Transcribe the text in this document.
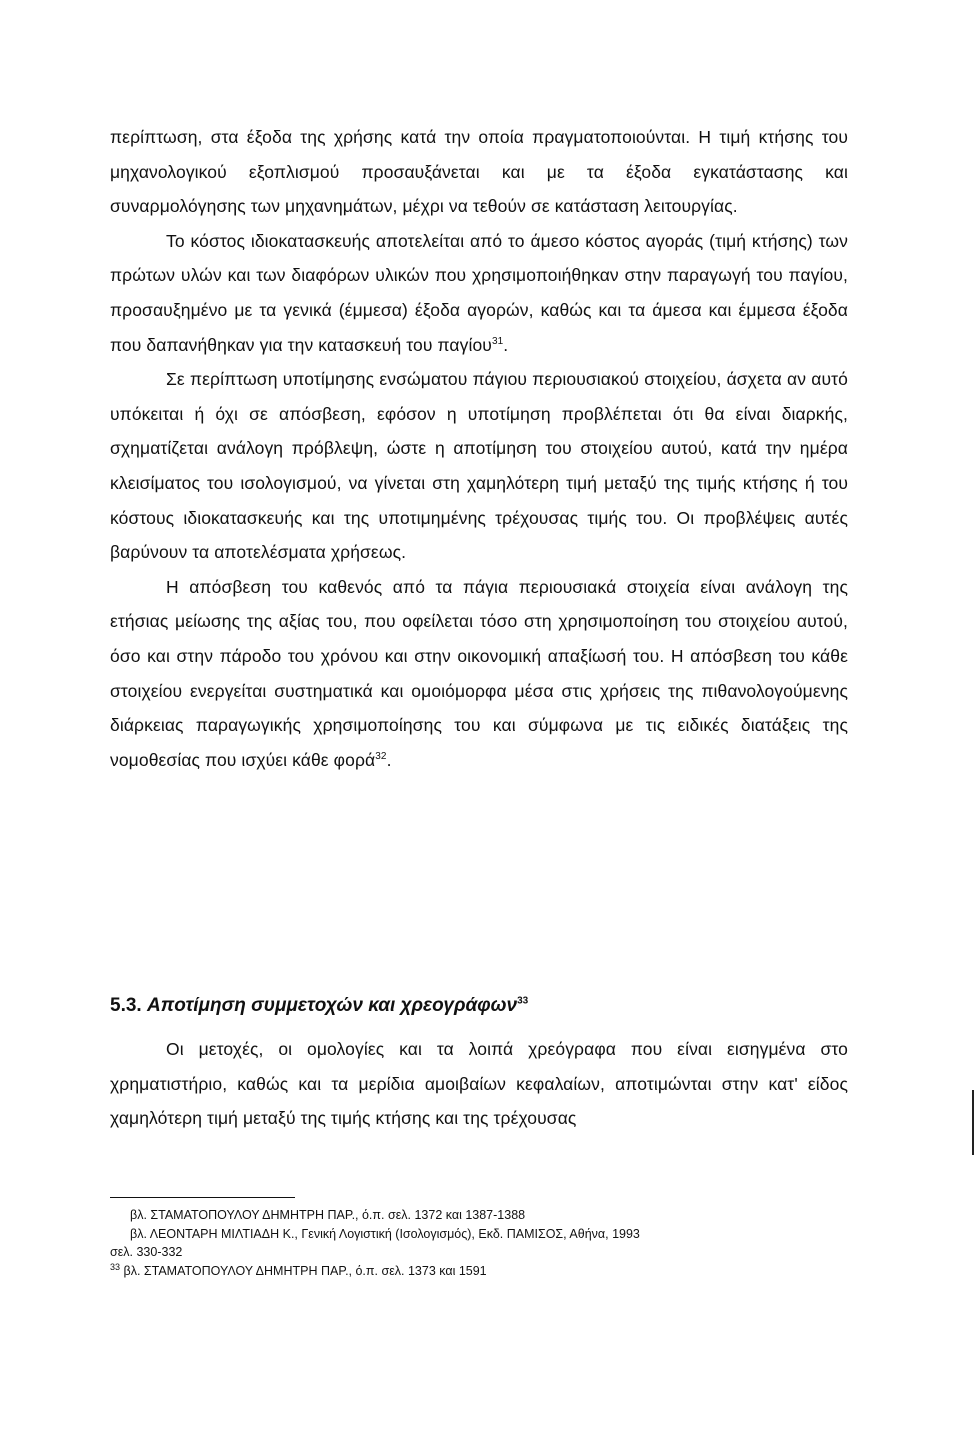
περίπτωση, στα έξοδα της χρήσης κατά την οποία πραγματοποιούνται. Η τιμή κτήσης του μηχανολογικού εξοπλισμού προσαυξάνεται και με τα έξοδα εγκατάστασης και συναρμολόγησης των μηχανημάτων, μέχρι να τεθούν σε κατάσταση λειτουργίας.

Το κόστος ιδιοκατασκευής αποτελείται από το άμεσο κόστος αγοράς (τιμή κτήσης) των πρώτων υλών και των διαφόρων υλικών που χρησιμοποιήθηκαν στην παραγωγή του παγίου, προσαυξημένο με τα γενικά (έμμεσα) έξοδα αγορών, καθώς και τα άμεσα και έμμεσα έξοδα που δαπανήθηκαν για την κατασκευή του παγίου$^{31}$.

Σε περίπτωση υποτίμησης ενσώματου πάγιου περιουσιακού στοιχείου, άσχετα αν αυτό υπόκειται ή όχι σε απόσβεση, εφόσον η υποτίμηση προβλέπεται ότι θα είναι διαρκής, σχηματίζεται ανάλογη πρόβλεψη, ώστε η αποτίμηση του στοιχείου αυτού, κατά την ημέρα κλεισίματος του ισολογισμού, να γίνεται στη χαμηλότερη τιμή μεταξύ της τιμής κτήσης ή του κόστους ιδιοκατασκευής και της υποτιμημένης τρέχουσας τιμής του. Οι προβλέψεις αυτές βαρύνουν τα αποτελέσματα χρήσεως.

Η απόσβεση του καθενός από τα πάγια περιουσιακά στοιχεία είναι ανάλογη της ετήσιας μείωσης της αξίας του, που οφείλεται τόσο στη χρησιμοποίηση του στοιχείου αυτού, όσο και στην πάροδο του χρόνου και στην οικονομική απαξίωσή του. Η απόσβεση του κάθε στοιχείου ενεργείται συστηματικά και ομοιόμορφα μέσα στις χρήσεις της πιθανολογούμενης διάρκειας παραγωγικής χρησιμοποίησης του και σύμφωνα με τις ειδικές διατάξεις της νομοθεσίας που ισχύει κάθε φορά$^{32}$.

5.3. Αποτίμηση συμμετοχών και χρεογράφων$^{33}$

Οι μετοχές, οι ομολογίες και τα λοιπά χρεόγραφα που είναι εισηγμένα στο χρηματιστήριο, καθώς και τα μερίδια αμοιβαίων κεφαλαίων, αποτιμώνται στην κατ' είδος χαμηλότερη τιμή μεταξύ της τιμής κτήσης και της τρέχουσας

βλ. ΣΤΑΜΑΤΟΠΟΥΛΟΥ ΔΗΜΗΤΡΗ ΠΑΡ., ό.π. σελ. 1372 και 1387-1388

βλ. ΛΕΟΝΤΑΡΗ ΜΙΛΤΙΑΔΗ Κ., Γενική Λογιστική (Ισολογισμός), Εκδ. ΠΑΜΙΣΟΣ, Αθήνα, 1993

σελ. 330-332

$^{33}$ βλ. ΣΤΑΜΑΤΟΠΟΥΛΟΥ ΔΗΜΗΤΡΗ ΠΑΡ., ό.π. σελ. 1373 και 1591
